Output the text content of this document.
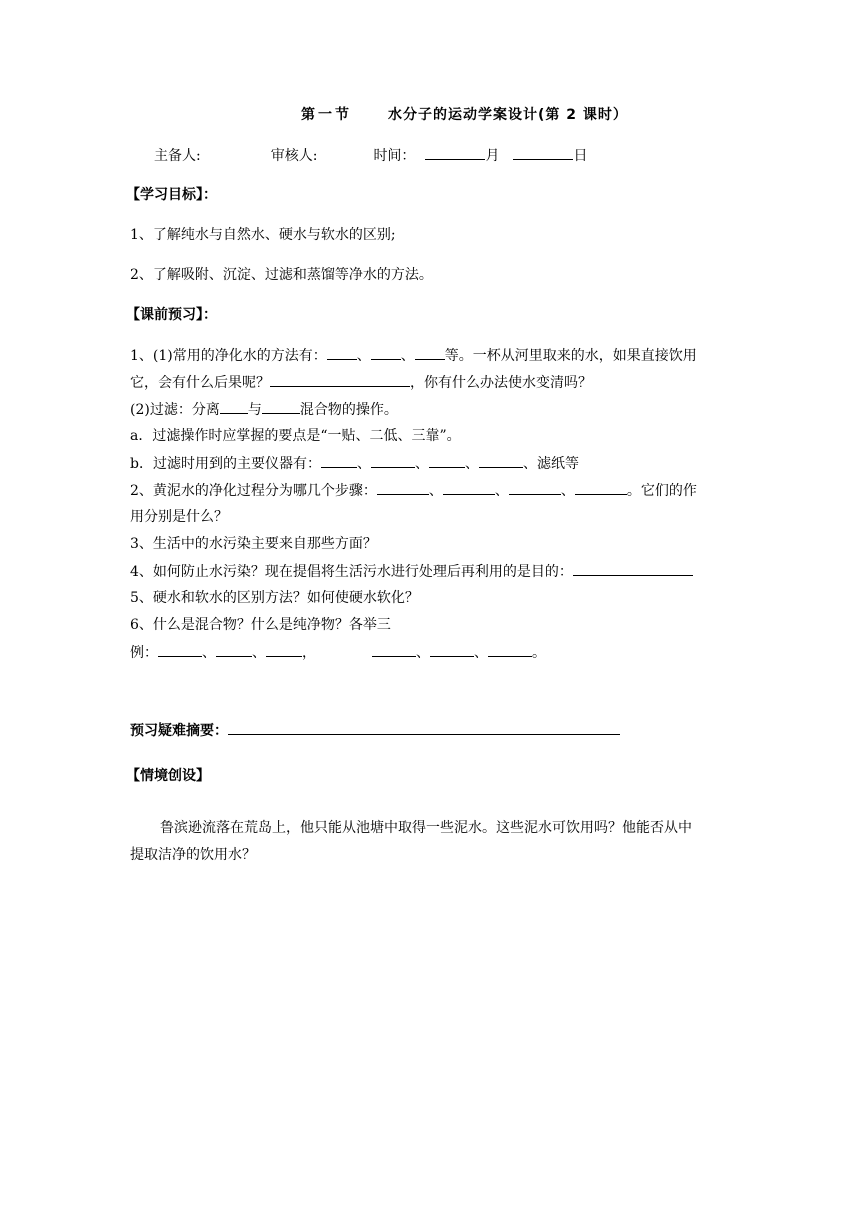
第一节	水分子的运动学案设计(第 2 课时）
主备人:	审核人:	时间：	月	日
【学习目标】：
1、了解纯水与自然水、硬水与软水的区别;
2、了解吸附、沉淀、过滤和蒸馏等净水的方法。
【课前预习】：
1、(1)常用的净化水的方法有： 、 、 等。一杯从河里取来的水，如果直接饮用
它，会有什么后果呢？	，你有什么办法使水变清吗？
(2)过滤：分离 与	混合物的操作。
a．过滤操作时应掌握的要点是“一贴、二低、三靠”。
b．过滤时用到的主要仪器有：	、	、	、	、滤纸等
2、黄泥水的净化过程分为哪几个步骤：	、	、	、	。它们的作
用分别是什么？
3、生活中的水污染主要来自那些方面？
4、如何防止水污染？现在提倡将生活污水进行处理后再利用的是目的：
5、硬水和软水的区别方法？如何使硬水软化？
6、什么是混合物？什么是纯净物？各举三
例：	、	、	，	、	、	。
预习疑难摘要：
【情境创设】
鲁滨逊流落在荒岛上，他只能从池塘中取得一些泥水。这些泥水可饮用吗？他能否从中
提取洁净的饮用水？
